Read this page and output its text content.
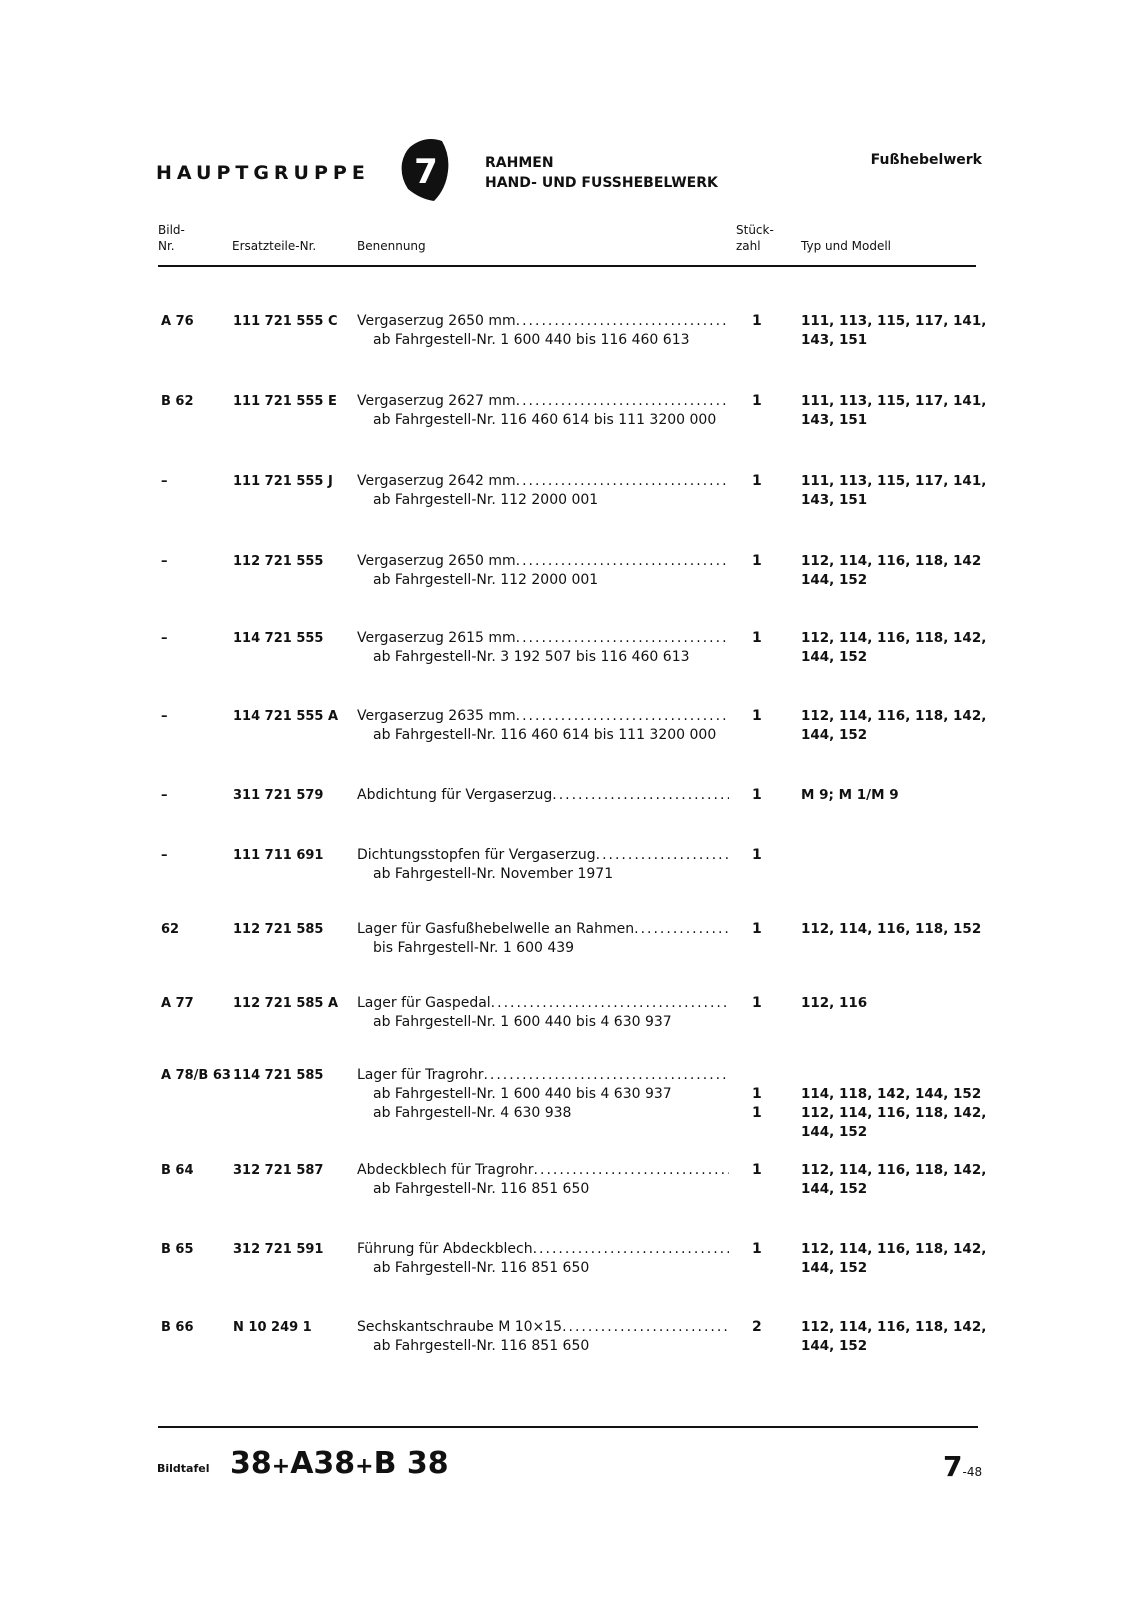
HAUPTGRUPPE 7	RAHMEN
HAND- UND FUSSHEBELWERK
Fußhebelwerk
Bild-
Nr.	Ersatzteile-Nr.	Benennung
Stück-
zahl	Typ und Modell
A 76	111 721 555 C Vergaserzug 2650 mm
.....
ab Fahrgestell-Nr. 1 600 440 bis 116 460 613
1	111, 113, 115, 117, 141,
143, 151
B 62	111 721 555 E Vergaserzug 2627 mm
.....
ab Fahrgestell-Nr. 116 460 614 bis 111 3200 000
1	111, 113, 115, 117, 141,
143, 151
–	111 721 555 J Vergaserzug 2642 mm
.....
ab Fahrgestell-Nr. 112 2000 001
1	111, 113, 115, 117, 141,
143, 151
–	112 721 555 Vergaserzug 2650 mm
.....
ab Fahrgestell-Nr. 112 2000 001
1	112, 114, 116, 118, 142
144, 152
–	114 721 555 Vergaserzug 2615 mm
.....
ab Fahrgestell-Nr. 3 192 507 bis 116 460 613
1	112, 114, 116, 118, 142,
144, 152
–	114 721 555 A Vergaserzug 2635 mm
.....
ab Fahrgestell-Nr. 116 460 614 bis 111 3200 000
1	112, 114, 116, 118, 142,
144, 152
–	311 721 579 Abdichtung für Vergaserzug
.....	1	M 9; M 1/M 9
–	111 711 691 Dichtungsstopfen für Vergaserzug
.....
ab Fahrgestell-Nr. November 1971
1
62	112 721 585 Lager für Gasfußhebelwelle an Rahmen
.....
bis Fahrgestell-Nr. 1 600 439
1	112, 114, 116, 118, 152
A 77	112 721 585 A Lager für Gaspedal
.....
ab Fahrgestell-Nr. 1 600 440 bis 4 630 937
1	112, 116
A 78/B 63 114 721 585 Lager für Tragrohr
.....
ab Fahrgestell-Nr. 1 600 440 bis 4 630 937
ab Fahrgestell-Nr. 4 630 938

1
1

114, 118, 142, 144, 152
112, 114, 116, 118, 142,
144, 152
B 64	312 721 587 Abdeckblech für Tragrohr
.....
ab Fahrgestell-Nr. 116 851 650
1	112, 114, 116, 118, 142,
144, 152
B 65	312 721 591 Führung für Abdeckblech
.....
ab Fahrgestell-Nr. 116 851 650
1	112, 114, 116, 118, 142,
144, 152
B 66	N 10 249 1	Sechskantschraube M 10×15
.....
ab Fahrgestell-Nr. 116 851 650
2	112, 114, 116, 118, 142,
144, 152
Bildtafel 38+A38+B 38	7-48
